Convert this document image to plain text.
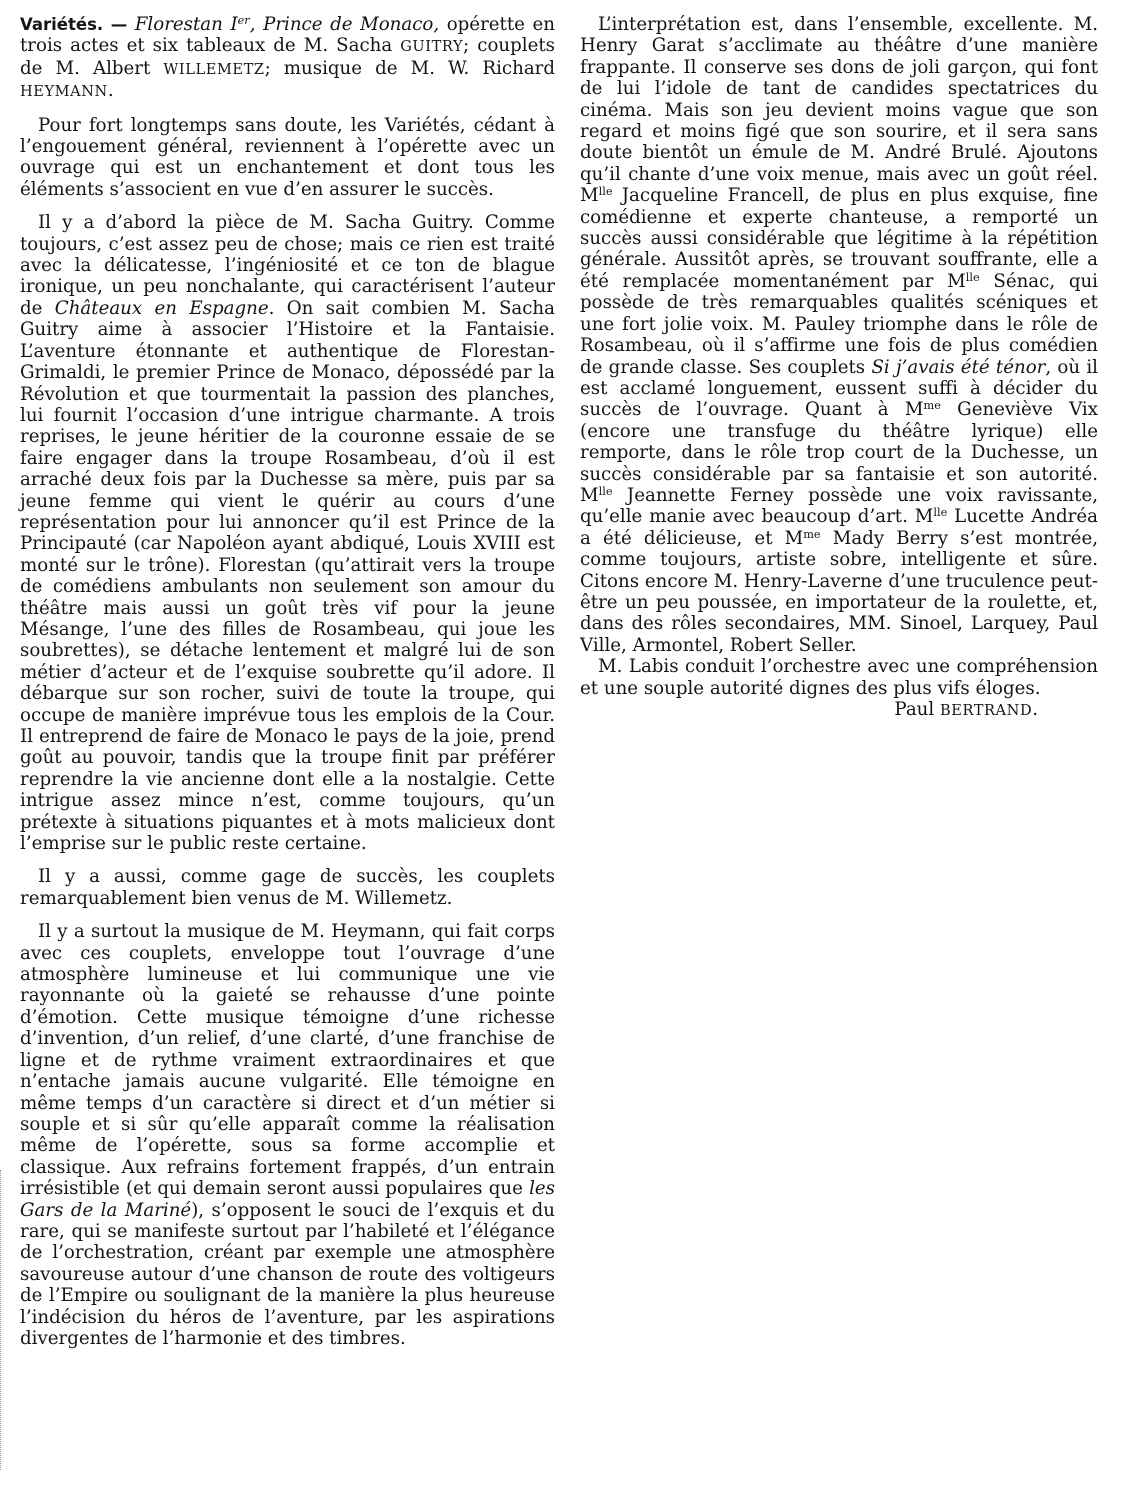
Variétés. — Florestan Ier, Prince de Monaco, opérette en trois actes et six tableaux de M. Sacha GUITRY; couplets de M. Albert WILLEMETZ; musique de M. W. Richard HEYMANN.

Pour fort longtemps sans doute, les Variétés, cédant à l’engouement général, reviennent à l’opérette avec un ouvrage qui est un enchantement et dont tous les éléments s’associent en vue d’en assurer le succès.

Il y a d’abord la pièce de M. Sacha Guitry. Comme toujours, c’est assez peu de chose; mais ce rien est traité avec la délicatesse, l’ingéniosité et ce ton de blague ironique, un peu nonchalante, qui caractérisent l’auteur de Châteaux en Espagne. On sait combien M. Sacha Guitry aime à associer l’Histoire et la Fantaisie. L’aventure étonnante et authentique de Florestan-Grimaldi, le premier Prince de Monaco, dépossédé par la Révolution et que tourmentait la passion des planches, lui fournit l’occasion d’une intrigue charmante. A trois reprises, le jeune héritier de la couronne essaie de se faire engager dans la troupe Rosambeau, d’où il est arraché deux fois par la Duchesse sa mère, puis par sa jeune femme qui vient le quérir au cours d’une représentation pour lui annoncer qu’il est Prince de la Principauté (car Napoléon ayant abdiqué, Louis XVIII est monté sur le trône). Florestan (qu’attirait vers la troupe de comédiens ambulants non seulement son amour du théâtre mais aussi un goût très vif pour la jeune Mésange, l’une des filles de Rosambeau, qui joue les soubrettes), se détache lentement et malgré lui de son métier d’acteur et de l’exquise soubrette qu’il adore. Il débarque sur son rocher, suivi de toute la troupe, qui occupe de manière imprévue tous les emplois de la Cour. Il entreprend de faire de Monaco le pays de la joie, prend goût au pouvoir, tandis que la troupe finit par préférer reprendre la vie ancienne dont elle a la nostalgie. Cette intrigue assez mince n’est, comme toujours, qu’un prétexte à situations piquantes et à mots malicieux dont l’emprise sur le public reste certaine.

Il y a aussi, comme gage de succès, les couplets remarquablement bien venus de M. Willemetz.

Il y a surtout la musique de M. Heymann, qui fait corps avec ces couplets, enveloppe tout l’ouvrage d’une atmosphère lumineuse et lui communique une vie rayonnante où la gaieté se rehausse d’une pointe d’émotion. Cette musique témoigne d’une richesse d’invention, d’un relief, d’une clarté, d’une franchise de ligne et de rythme vraiment extraordinaires et que n’entache jamais aucune vulgarité. Elle témoigne en même temps d’un caractère si direct et d’un métier si souple et si sûr qu’elle apparaît comme la réalisation même de l’opérette, sous sa forme accomplie et classique. Aux refrains fortement frappés, d’un entrain irrésistible (et qui demain seront aussi populaires que les Gars de la Mariné), s’opposent le souci de l’exquis et du rare, qui se manifeste surtout par l’habileté et l’élégance de l’orchestration, créant par exemple une atmosphère savoureuse autour d’une chanson de route des voltigeurs de l’Empire ou soulignant de la manière la plus heureuse l’indécision du héros de l’aventure, par les aspirations divergentes de l’harmonie et des timbres.

L’interprétation est, dans l’ensemble, excellente. M. Henry Garat s’acclimate au théâtre d’une manière frappante. Il conserve ses dons de joli garçon, qui font de lui l’idole de tant de candides spectatrices du cinéma. Mais son jeu devient moins vague que son regard et moins figé que son sourire, et il sera sans doute bientôt un émule de M. André Brulé. Ajoutons qu’il chante d’une voix menue, mais avec un goût réel. $M^{lle}$ Jacqueline Francell, de plus en plus exquise, fine comédienne et experte chanteuse, a remporté un succès aussi considérable que légitime à la répétition générale. Aussitôt après, se trouvant souffrante, elle a été remplacée momentanément par $M^{lle}$ Sénac, qui possède de très remarquables qualités scéniques et une fort jolie voix. M. Pauley triomphe dans le rôle de Rosambeau, où il s’affirme une fois de plus comédien de grande classe. Ses couplets Si j’avais été ténor, où il est acclamé longuement, eussent suffi à décider du succès de l’ouvrage. Quant à $M^{me}$ Geneviève Vix (encore une transfuge du théâtre lyrique) elle remporte, dans le rôle trop court de la Duchesse, un succès considérable par sa fantaisie et son autorité. $M^{lle}$ Jeannette Ferney possède une voix ravissante, qu’elle manie avec beaucoup d’art. $M^{lle}$ Lucette Andréa a été délicieuse, et $M^{me}$ Mady Berry s’est montrée, comme toujours, artiste sobre, intelligente et sûre. Citons encore M. Henry-Laverne d’une truculence peut-être un peu poussée, en importateur de la roulette, et, dans des rôles secondaires, MM. Sinoel, Larquey, Paul Ville, Armontel, Robert Seller.

M. Labis conduit l’orchestre avec une compréhension et une souple autorité dignes des plus vifs éloges.

Paul BERTRAND.
